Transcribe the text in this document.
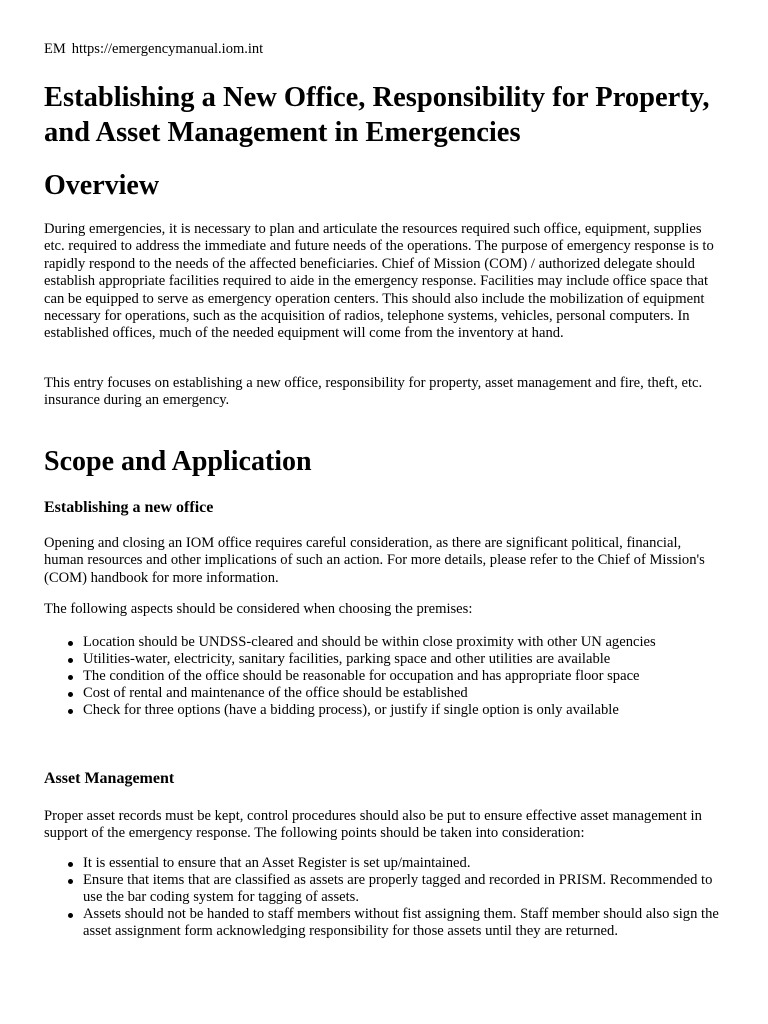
EM https://emergencymanual.iom.int
Establishing a New Office, Responsibility for Property, and Asset Management in Emergencies
Overview

During emergencies, it is necessary to plan and articulate the resources required such office, equipment, supplies etc. required to address the immediate and future needs of the operations. The purpose of emergency response is to rapidly respond to the needs of the affected beneficiaries. Chief of Mission (COM) / authorized delegate should establish appropriate facilities required to aide in the emergency response. Facilities may include office space that can be equipped to serve as emergency operation centers. This should also include the mobilization of equipment necessary for operations, such as the acquisition of radios, telephone systems, vehicles, personal computers. In established offices, much of the needed equipment will come from the inventory at hand.

This entry focuses on establishing a new office, responsibility for property, asset management and fire, theft, etc. insurance during an emergency.

Scope and Application
Establishing a new office

Opening and closing an IOM office requires careful consideration, as there are significant political, financial, human resources and other implications of such an action. For more details, please refer to the Chief of Mission's (COM) handbook for more information.

The following aspects should be considered when choosing the premises:

Location should be UNDSS-cleared and should be within close proximity with other UN agencies
Utilities-water, electricity, sanitary facilities, parking space and other utilities are available
The condition of the office should be reasonable for occupation and has appropriate floor space
Cost of rental and maintenance of the office should be established
Check for three options (have a bidding process), or justify if single option is only available
Asset Management

Proper asset records must be kept, control procedures should also be put to ensure effective asset management in support of the emergency response. The following points should be taken into consideration:

It is essential to ensure that an Asset Register is set up/maintained.
Ensure that items that are classified as assets are properly tagged and recorded in PRISM. Recommended to use the bar coding system for tagging of assets.
Assets should not be handed to staff members without fist assigning them. Staff member should also sign the asset assignment form acknowledging responsibility for those assets until they are returned.
